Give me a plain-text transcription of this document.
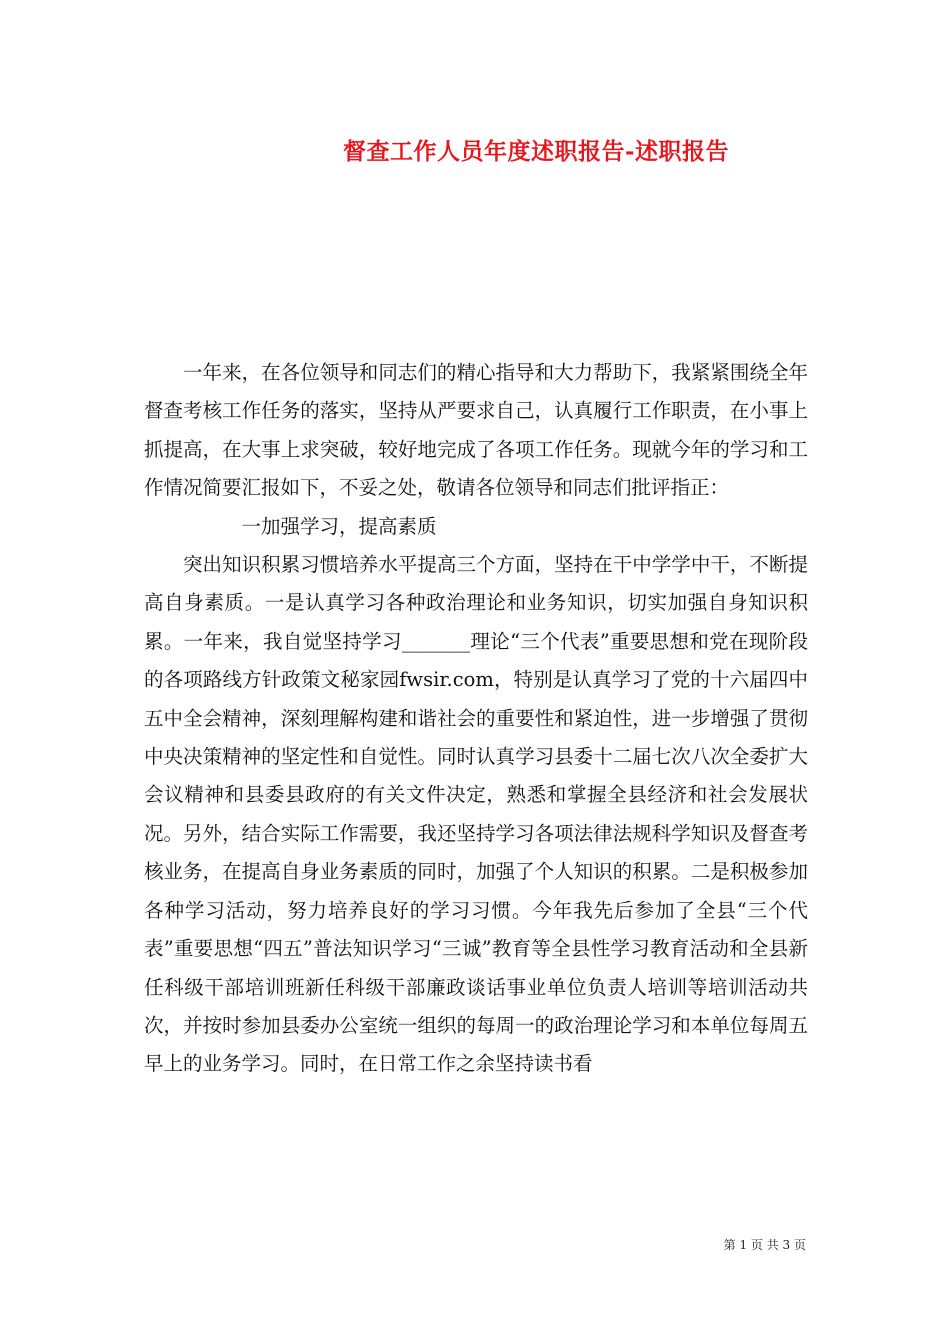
督查工作人员年度述职报告-述职报告

一年来，在各位领导和同志们的精心指导和大力帮助下，我紧紧围绕全年督查考核工作任务的落实，坚持从严要求自己，认真履行工作职责，在小事上抓提高，在大事上求突破，较好地完成了各项工作任务。现就今年的学习和工作情况简要汇报如下，不妥之处，敬请各位领导和同志们批评指正：

一加强学习，提高素质

突出知识积累习惯培养水平提高三个方面，坚持在干中学学中干，不断提高自身素质。一是认真学习各种政治理论和业务知识，切实加强自身知识积累。一年来，我自觉坚持学习_______理论“三个代表”重要思想和党在现阶段的各项路线方针政策文秘家园fwsir.com，特别是认真学习了党的十六届四中五中全会精神，深刻理解构建和谐社会的重要性和紧迫性，进一步增强了贯彻中央决策精神的坚定性和自觉性。同时认真学习县委十二届七次八次全委扩大会议精神和县委县政府的有关文件决定，熟悉和掌握全县经济和社会发展状况。另外，结合实际工作需要，我还坚持学习各项法律法规科学知识及督查考核业务，在提高自身业务素质的同时，加强了个人知识的积累。二是积极参加各种学习活动，努力培养良好的学习习惯。今年我先后参加了全县“三个代表”重要思想“四五”普法知识学习“三诚”教育等全县性学习教育活动和全县新任科级干部培训班新任科级干部廉政谈话事业单位负责人培训等培训活动共次，并按时参加县委办公室统一组织的每周一的政治理论学习和本单位每周五早上的业务学习。同时，在日常工作之余坚持读书看

第 1 页 共 3 页
